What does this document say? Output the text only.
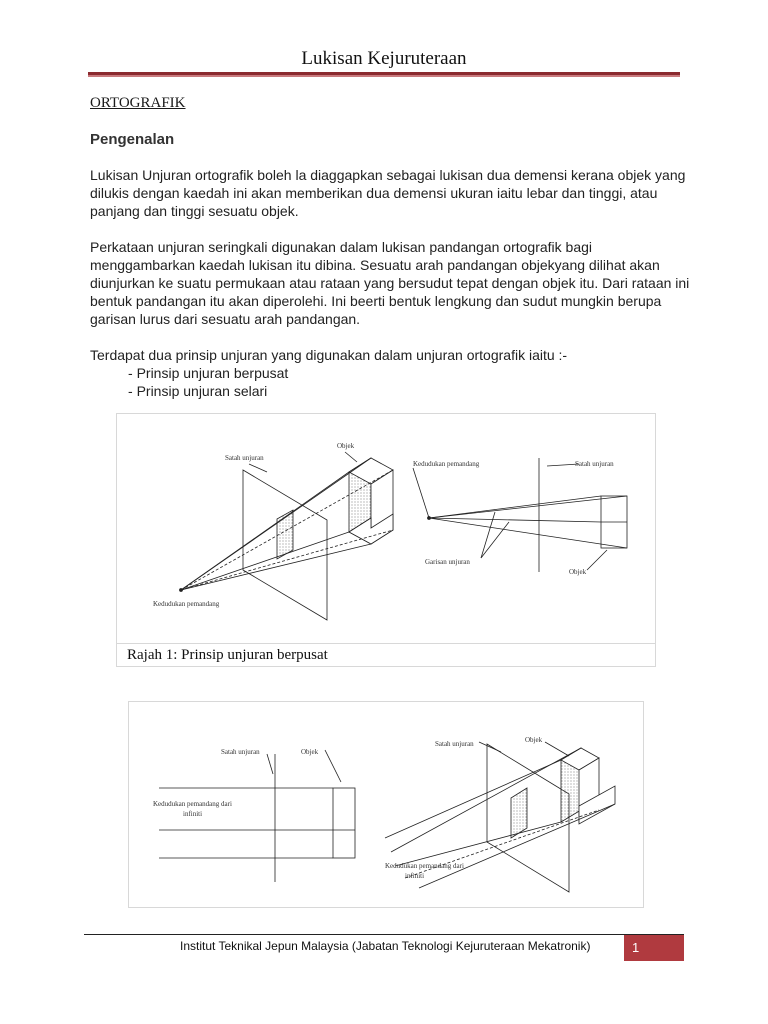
Lukisan Kejuruteraan
ORTOGRAFIK
Pengenalan
Lukisan Unjuran ortografik boleh la diaggapkan sebagai lukisan dua demensi kerana objek yang dilukis dengan kaedah ini akan memberikan dua demensi ukuran iaitu lebar dan tinggi, atau panjang dan tinggi sesuatu objek.
Perkataan unjuran seringkali digunakan dalam lukisan pandangan ortografik bagi menggambarkan kaedah lukisan itu dibina. Sesuatu arah pandangan objekyang dilihat akan diunjurkan ke suatu permukaan atau rataan yang bersudut tepat dengan objek itu. Dari rataan ini bentuk pandangan itu akan diperolehi. Ini beerti bentuk lengkung dan sudut mungkin berupa garisan lurus dari sesuatu arah pandangan.
Terdapat dua prinsip unjuran yang digunakan dalam unjuran ortografik iaitu :-
- Prinsip unjuran berpusat
- Prinsip unjuran selari
Satah unjuran
Objek
Kedudukan pemandang
Kedudukan pemandang	Satah unjuran
Garisan unjuran
Objek
Rajah 1: Prinsip unjuran berpusat
Satah unjuran	Objek
Kedudukan pemandang dari
infiniti
Satah unjuran	Objek
Kedudukan pemandang dari
infiniti
Institut Teknikal Jepun Malaysia (Jabatan Teknologi Kejuruteraan Mekatronik)	1
